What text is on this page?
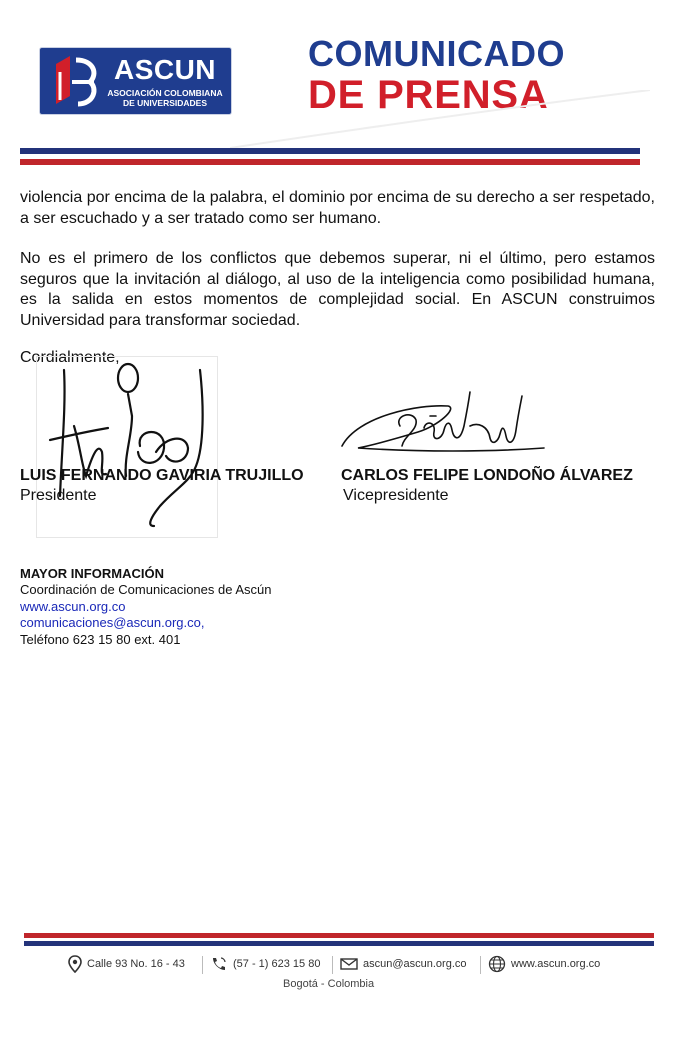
ASCUN
ASOCIACIÓN COLOMBIANA
DE UNIVERSIDADES
COMUNICADO
DE PRENSA
violencia por encima de la palabra, el dominio por encima de su derecho a ser respetado, a ser escuchado y a ser tratado como ser humano.
No es el primero de los conflictos que debemos superar, ni el último, pero estamos seguros que la invitación al diálogo, al uso de la inteligencia como posibilidad humana, es la salida en estos momentos de complejidad social. En ASCUN construimos Universidad para transformar sociedad.
Cordialmente,
LUIS FERNANDO GAVIRIA TRUJILLO
Presidente
CARLOS FELIPE LONDOÑO ÁLVAREZ
Vicepresidente
MAYOR INFORMACIÓN
Coordinación de Comunicaciones de Ascún
www.ascun.org.co
comunicaciones@ascun.org.co,
Teléfono 623 15 80 ext. 401
Calle 93 No. 16 - 43	(57 - 1) 623 15 80	ascun@ascun.org.co	www.ascun.org.co
Bogotá - Colombia
